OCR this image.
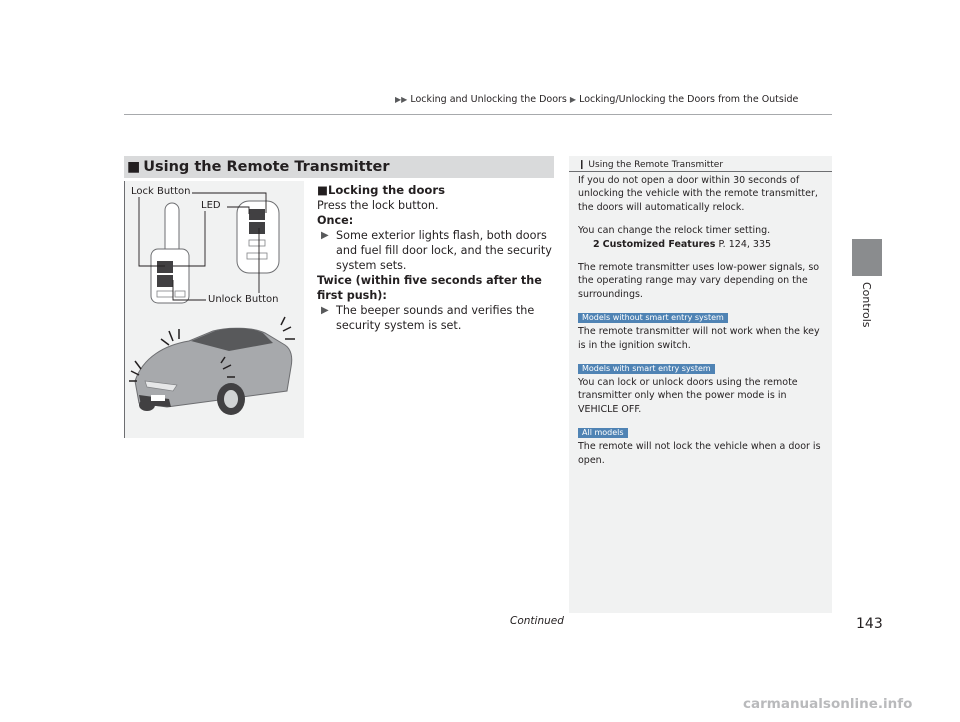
▶▶ Locking and Unlocking the Doors ▶ Locking/Unlocking the Doors from the Outside
Controls
■ Using the Remote Transmitter
Lock Button
LED
Unlock Button
■Locking the doors
Press the lock button.
Once:
▶ Some exterior lights flash, both doors and fuel fill door lock, and the security system sets.
Twice (within five seconds after the first push):
▶ The beeper sounds and verifies the security system is set.
❙ Using the Remote Transmitter

If you do not open a door within 30 seconds of unlocking the vehicle with the remote transmitter, the doors will automatically relock.

You can change the relock timer setting.

2 Customized Features P. 124, 335

The remote transmitter uses low-power signals, so the operating range may vary depending on the surroundings.

Models without smart entry system

The remote transmitter will not work when the key is in the ignition switch.

Models with smart entry system

You can lock or unlock doors using the remote transmitter only when the power mode is in VEHICLE OFF.

All models

The remote will not lock the vehicle when a door is open.

Continued	143
carmanualsonline.info
